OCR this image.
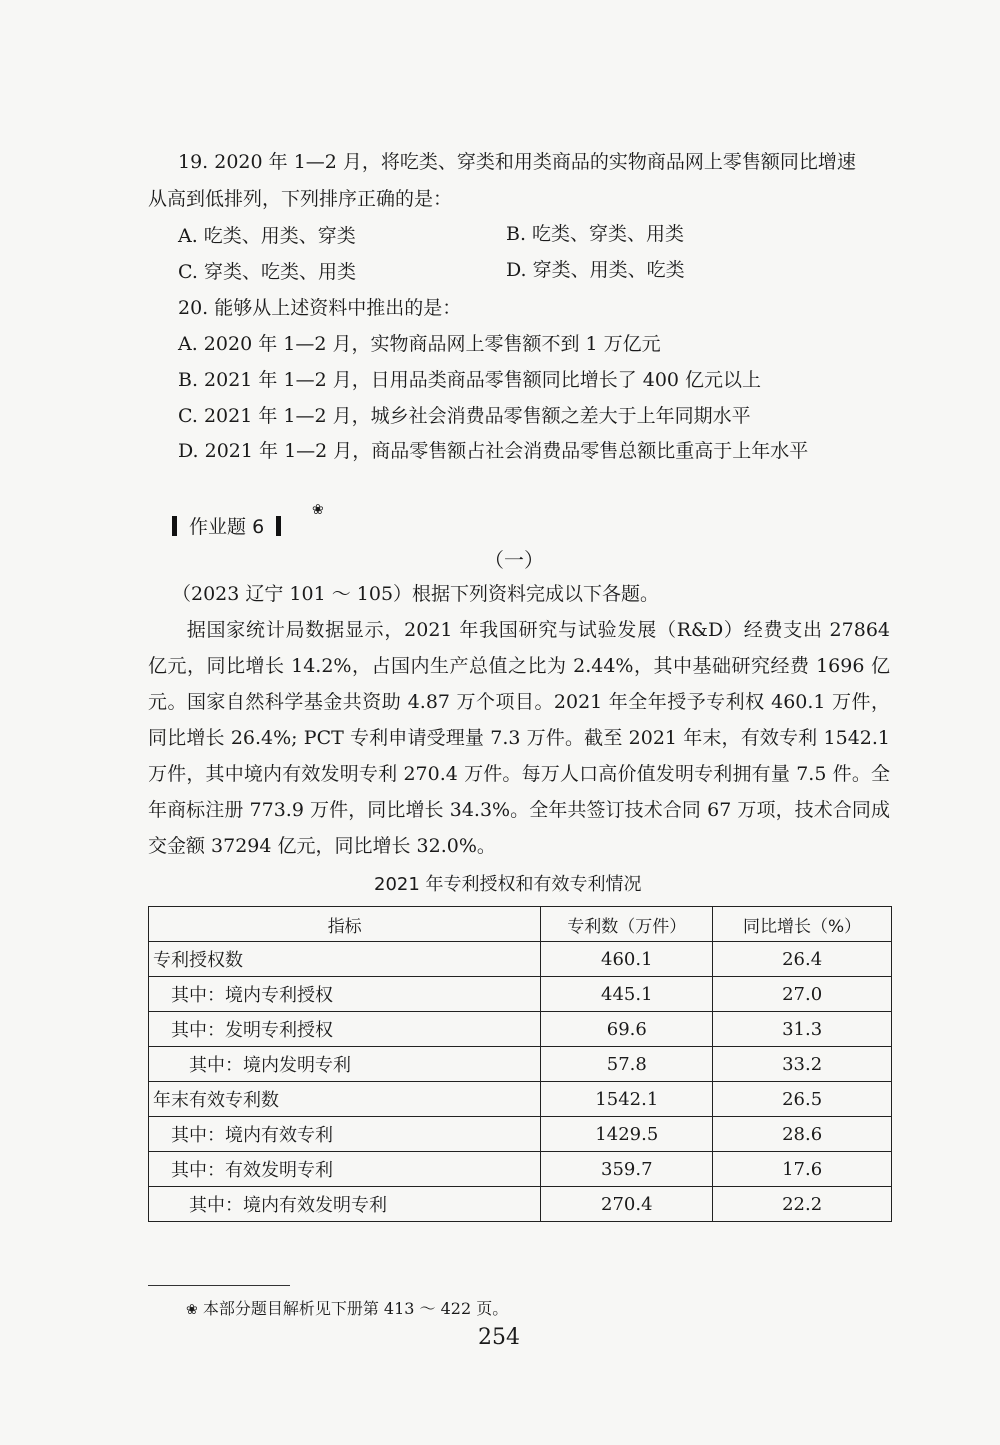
19. 2020 年 1—2 月，将吃类、穿类和用类商品的实物商品网上零售额同比增速
从高到低排列，下列排序正确的是：
A. 吃类、用类、穿类	B. 吃类、穿类、用类
C. 穿类、吃类、用类	D. 穿类、用类、吃类
20. 能够从上述资料中推出的是：
A. 2020 年 1—2 月，实物商品网上零售额不到 1 万亿元
B. 2021 年 1—2 月，日用品类商品零售额同比增长了 400 亿元以上
C. 2021 年 1—2 月，城乡社会消费品零售额之差大于上年同期水平
D. 2021 年 1—2 月，商品零售额占社会消费品零售总额比重高于上年水平
作业题 6
❀
（一）
（2023 辽宁 101 ～ 105）根据下列资料完成以下各题。
据国家统计局数据显示，2021 年我国研究与试验发展（R&D）经费支出 27864 亿元，同比增长 14.2%，占国内生产总值之比为 2.44%，其中基础研究经费 1696 亿元。国家自然科学基金共资助 4.87 万个项目。2021 年全年授予专利权 460.1 万件，同比增长 26.4%; PCT 专利申请受理量 7.3 万件。截至 2021 年末，有效专利 1542.1 万件，其中境内有效发明专利 270.4 万件。每万人口高价值发明专利拥有量 7.5 件。全年商标注册 773.9 万件，同比增长 34.3%。全年共签订技术合同 67 万项，技术合同成交金额 37294 亿元，同比增长 32.0%。
2021 年专利授权和有效专利情况
指标	专利数（万件）	同比增长（%）
专利授权数	460.1	26.4
其中：境内专利授权	445.1	27.0
其中：发明专利授权	69.6	31.3
其中：境内发明专利	57.8	33.2
年末有效专利数	1542.1	26.5
其中：境内有效专利	1429.5	28.6
其中：有效发明专利	359.7	17.6
其中：境内有效发明专利	270.4	22.2
❀ 本部分题目解析见下册第 413 ～ 422 页。
254
